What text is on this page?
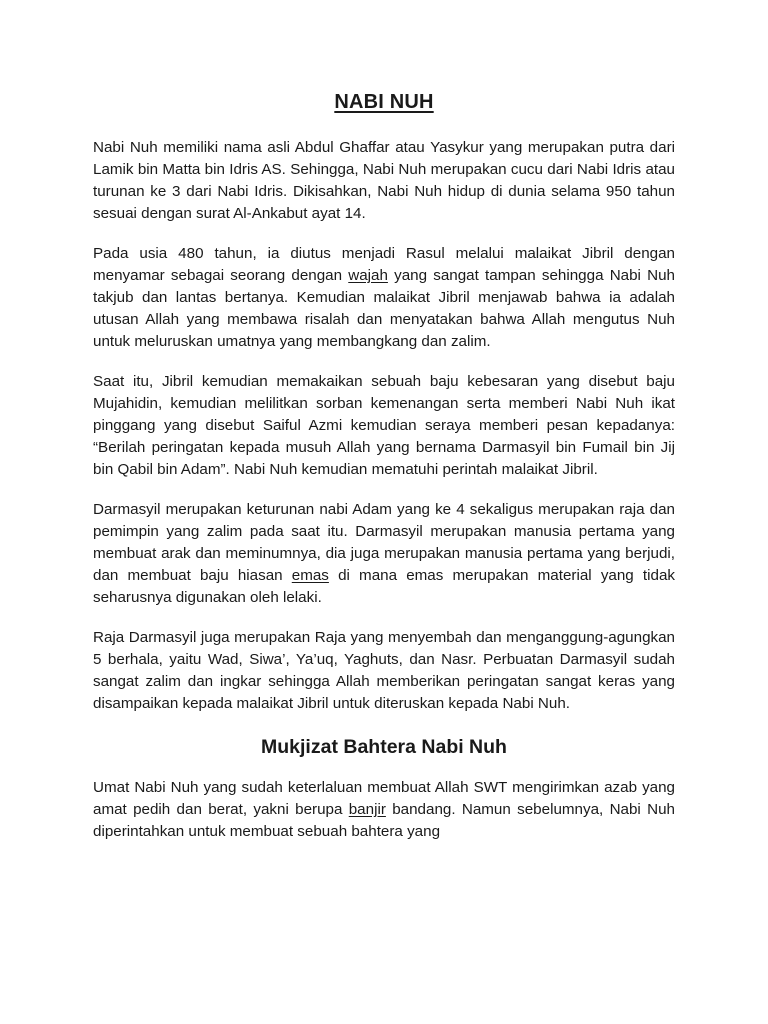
NABI NUH

Nabi Nuh memiliki nama asli Abdul Ghaffar atau Yasykur yang merupakan putra dari Lamik bin Matta bin Idris AS. Sehingga, Nabi Nuh merupakan cucu dari Nabi Idris atau turunan ke 3 dari Nabi Idris. Dikisahkan, Nabi Nuh hidup di dunia selama 950 tahun sesuai dengan surat Al-Ankabut ayat 14.

Pada usia 480 tahun, ia diutus menjadi Rasul melalui malaikat Jibril dengan menyamar sebagai seorang dengan wajah yang sangat tampan sehingga Nabi Nuh takjub dan lantas bertanya. Kemudian malaikat Jibril menjawab bahwa ia adalah utusan Allah yang membawa risalah dan menyatakan bahwa Allah mengutus Nuh untuk meluruskan umatnya yang membangkang dan zalim.

Saat itu, Jibril kemudian memakaikan sebuah baju kebesaran yang disebut baju Mujahidin, kemudian melilitkan sorban kemenangan serta memberi Nabi Nuh ikat pinggang yang disebut Saiful Azmi kemudian seraya memberi pesan kepadanya: “Berilah peringatan kepada musuh Allah yang bernama Darmasyil bin Fumail bin Jij bin Qabil bin Adam”. Nabi Nuh kemudian mematuhi perintah malaikat Jibril.

Darmasyil merupakan keturunan nabi Adam yang ke 4 sekaligus merupakan raja dan pemimpin yang zalim pada saat itu. Darmasyil merupakan manusia pertama yang membuat arak dan meminumnya, dia juga merupakan manusia pertama yang berjudi, dan membuat baju hiasan emas di mana emas merupakan material yang tidak seharusnya digunakan oleh lelaki.

Raja Darmasyil juga merupakan Raja yang menyembah dan menganggung-agungkan 5 berhala, yaitu Wad, Siwa’, Ya’uq, Yaghuts, dan Nasr. Perbuatan Darmasyil sudah sangat zalim dan ingkar sehingga Allah memberikan peringatan sangat keras yang disampaikan kepada malaikat Jibril untuk diteruskan kepada Nabi Nuh.

Mukjizat Bahtera Nabi Nuh

Umat Nabi Nuh yang sudah keterlaluan membuat Allah SWT mengirimkan azab yang amat pedih dan berat, yakni berupa banjir bandang. Namun sebelumnya, Nabi Nuh diperintahkan untuk membuat sebuah bahtera yang
